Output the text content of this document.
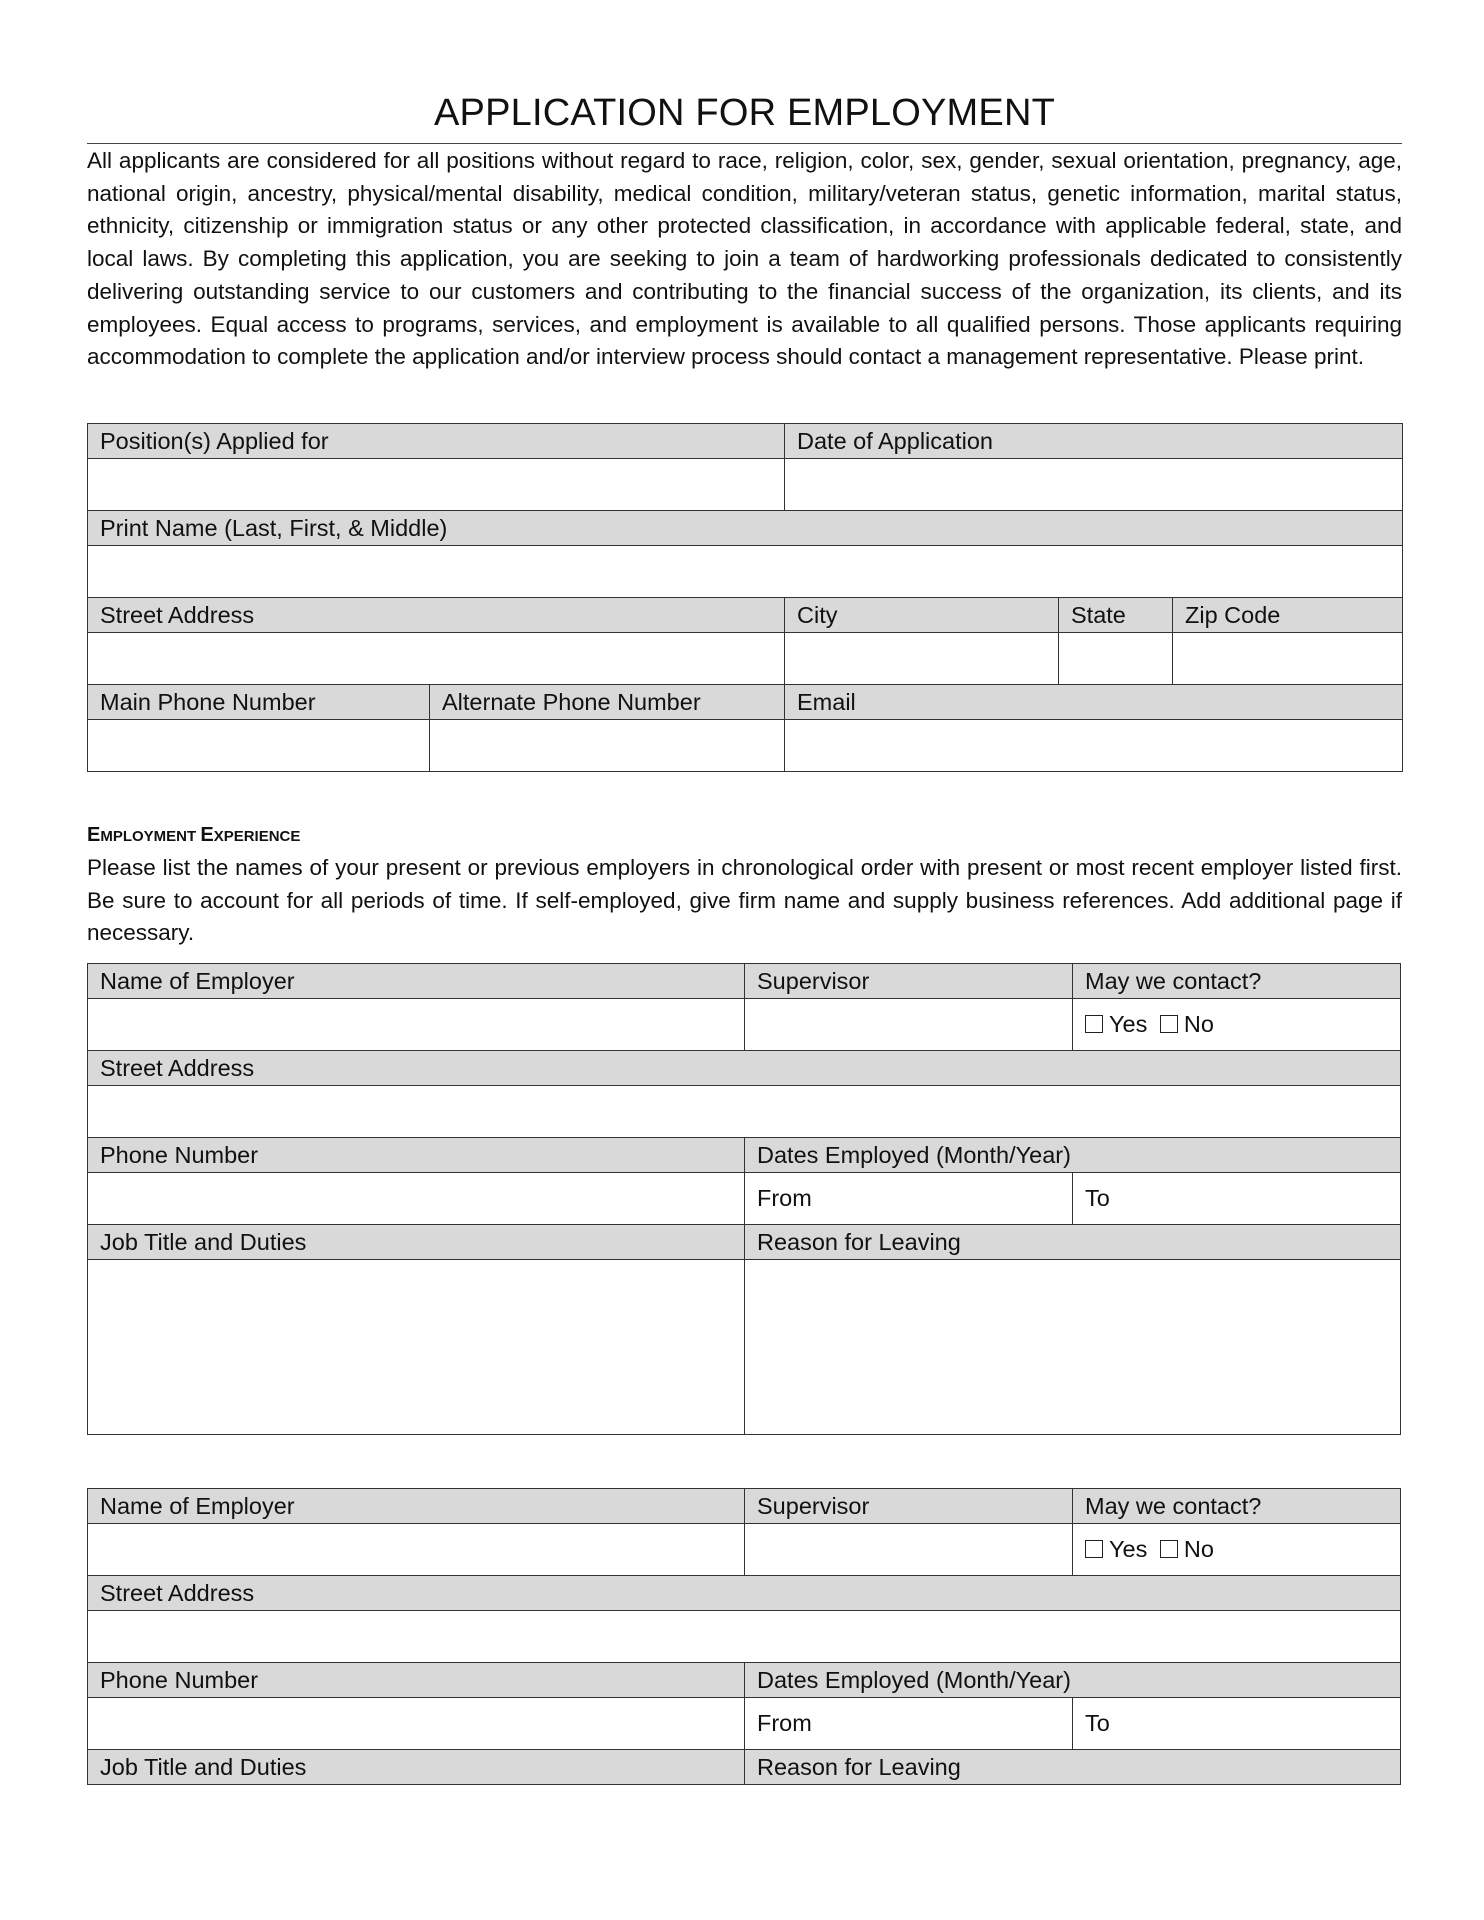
APPLICATION FOR EMPLOYMENT

All applicants are considered for all positions without regard to race, religion, color, sex, gender, sexual orientation, pregnancy, age, national origin, ancestry, physical/mental disability, medical condition, military/veteran status, genetic information, marital status, ethnicity, citizenship or immigration status or any other protected classification, in accordance with applicable federal, state, and local laws. By completing this application, you are seeking to join a team of hardworking professionals dedicated to consistently delivering outstanding service to our customers and contributing to the financial success of the organization, its clients, and its employees. Equal access to programs, services, and employment is available to all qualified persons. Those applicants requiring accommodation to complete the application and/or interview process should contact a management representative. Please print.

Position(s) Applied for		Date of Application		

Print Name (Last, First, & Middle)				

Street Address		City	State	Zip Code

Main Phone Number	Alternate Phone Number	Email		

EMPLOYMENT EXPERIENCE

Please list the names of your present or previous employers in chronological order with present or most recent employer listed first. Be sure to account for all periods of time. If self-employed, give firm name and supply business references. Add additional page if necessary.

Name of Employer	Supervisor	May we contact?
		Yes No
Street Address		

Phone Number	Dates Employed (Month/Year)	
	From	To
Job Title and Duties	Reason for Leaving	

Name of Employer	Supervisor	May we contact?
		Yes No
Street Address		

Phone Number	Dates Employed (Month/Year)	
	From	To
Job Title and Duties	Reason for Leaving	
